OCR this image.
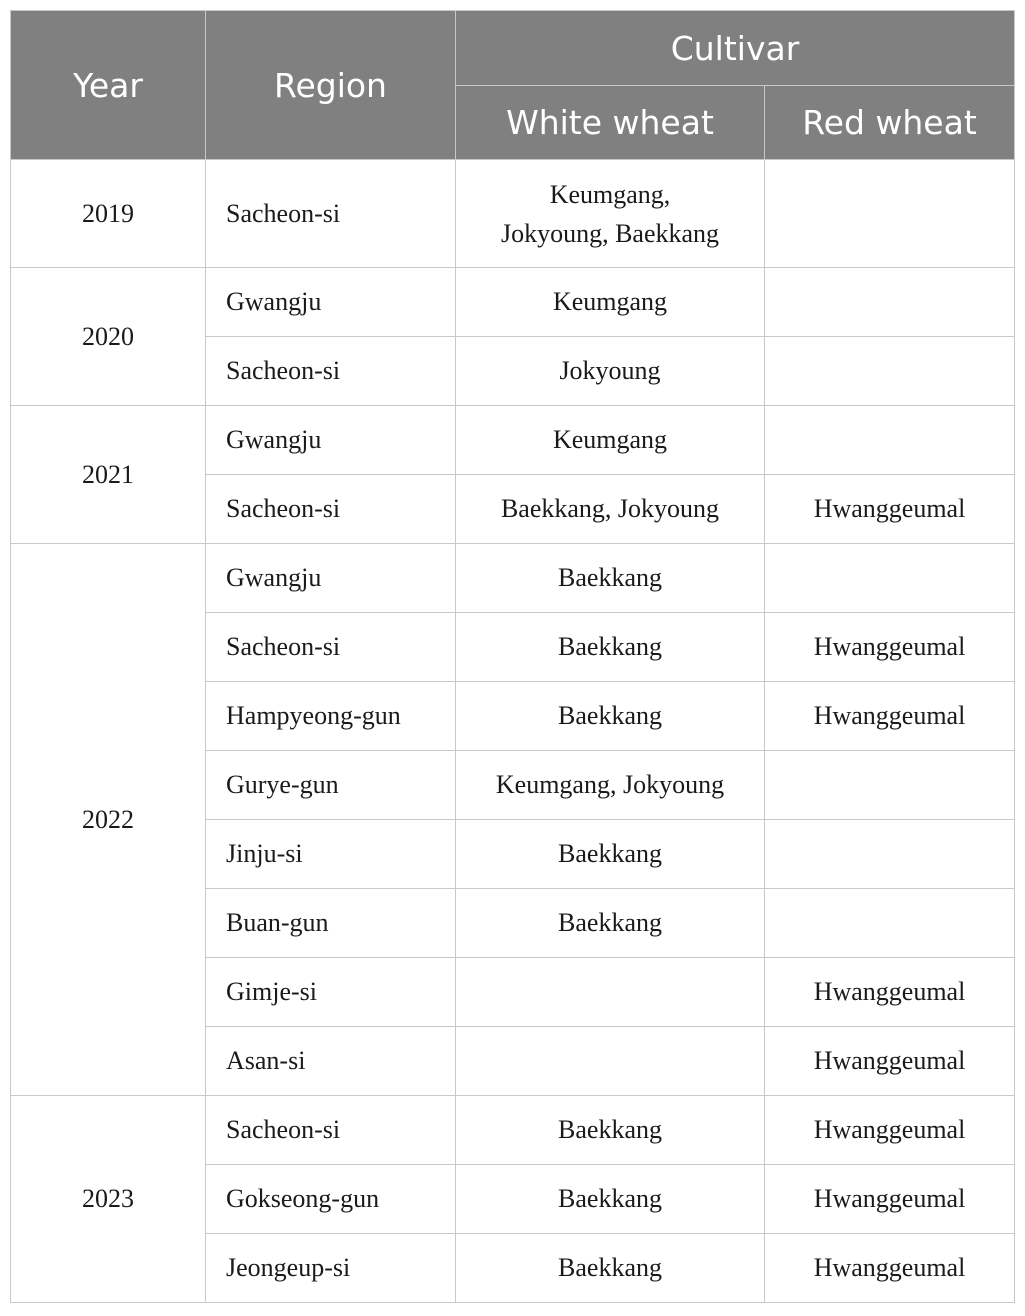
Year	Region	Cultivar	
		White wheat	Red wheat
2019	Sacheon-si	Keumgang,
Jokyoung, Baekkang	
2020	Gwangju	Keumgang	
	Sacheon-si	Jokyoung	
2021	Gwangju	Keumgang	
	Sacheon-si	Baekkang, Jokyoung	Hwanggeumal
2022	Gwangju	Baekkang	
	Sacheon-si	Baekkang	Hwanggeumal
	Hampyeong-gun	Baekkang	Hwanggeumal
	Gurye-gun	Keumgang, Jokyoung	
	Jinju-si	Baekkang	
	Buan-gun	Baekkang	
	Gimje-si		Hwanggeumal
	Asan-si		Hwanggeumal
2023	Sacheon-si	Baekkang	Hwanggeumal
	Gokseong-gun	Baekkang	Hwanggeumal
	Jeongeup-si	Baekkang	Hwanggeumal
